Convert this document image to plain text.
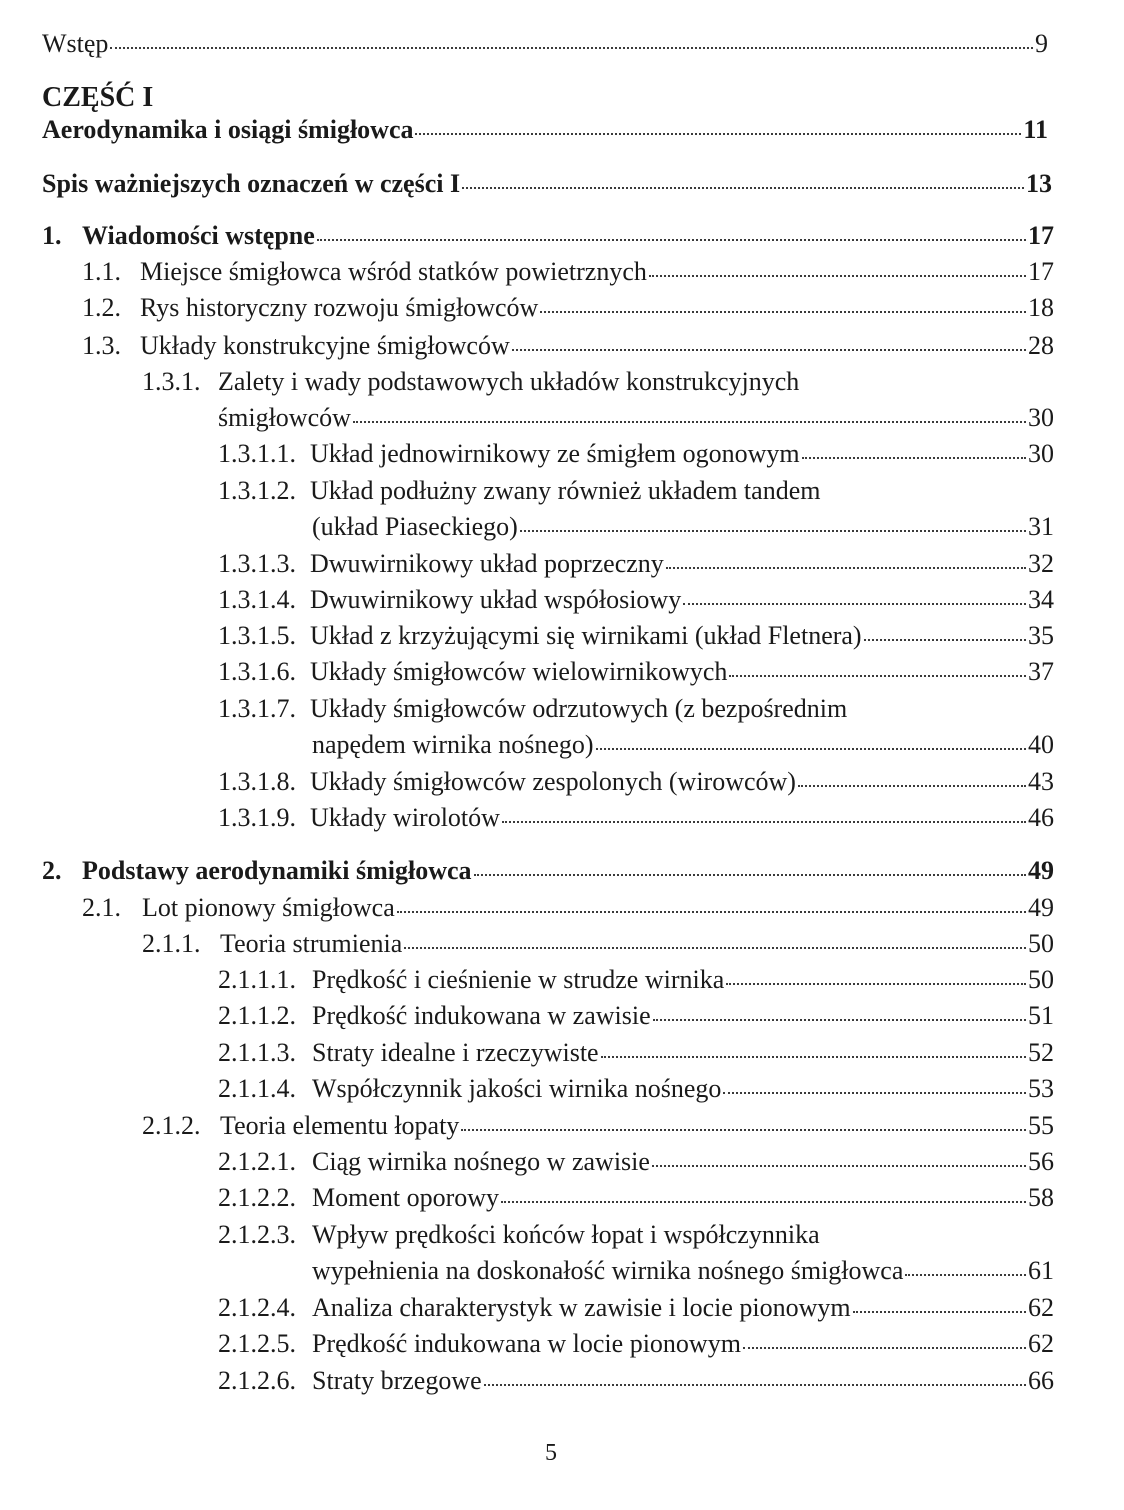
Wstęp	9
CZĘŚĆ I
Aerodynamika i osiągi śmigłowca	11
Spis ważniejszych oznaczeń w części I	13
1. Wiadomości wstępne	17
1.1. Miejsce śmigłowca wśród statków powietrznych	17
1.2. Rys historyczny rozwoju śmigłowców	18
1.3. Układy konstrukcyjne śmigłowców	28
1.3.1. Zalety i wady podstawowych układów konstrukcyjnych
śmigłowców	30
1.3.1.1. Układ jednowirnikowy ze śmigłem ogonowym	30
1.3.1.2. Układ podłużny zwany również układem tandem
(układ Piaseckiego)	31
1.3.1.3. Dwuwirnikowy układ poprzeczny	32
1.3.1.4. Dwuwirnikowy układ współosiowy	34
1.3.1.5. Układ z krzyżującymi się wirnikami (układ Fletnera)	35
1.3.1.6. Układy śmigłowców wielowirnikowych	37
1.3.1.7. Układy śmigłowców odrzutowych (z bezpośrednim
napędem wirnika nośnego)	40
1.3.1.8. Układy śmigłowców zespolonych (wirowców)	43
1.3.1.9. Układy wirolotów	46
2. Podstawy aerodynamiki śmigłowca	49
2.1. Lot pionowy śmigłowca	49
2.1.1. Teoria strumienia	50
2.1.1.1. Prędkość i cieśnienie w strudze wirnika	50
2.1.1.2. Prędkość indukowana w zawisie	51
2.1.1.3. Straty idealne i rzeczywiste	52
2.1.1.4. Współczynnik jakości wirnika nośnego	53
2.1.2. Teoria elementu łopaty	55
2.1.2.1. Ciąg wirnika nośnego w zawisie	56
2.1.2.2. Moment oporowy	58
2.1.2.3. Wpływ prędkości końców łopat i współczynnika
wypełnienia na doskonałość wirnika nośnego śmigłowca	61
2.1.2.4. Analiza charakterystyk w zawisie i locie pionowym	62
2.1.2.5. Prędkość indukowana w locie pionowym	62
2.1.2.6. Straty brzegowe	66
5
